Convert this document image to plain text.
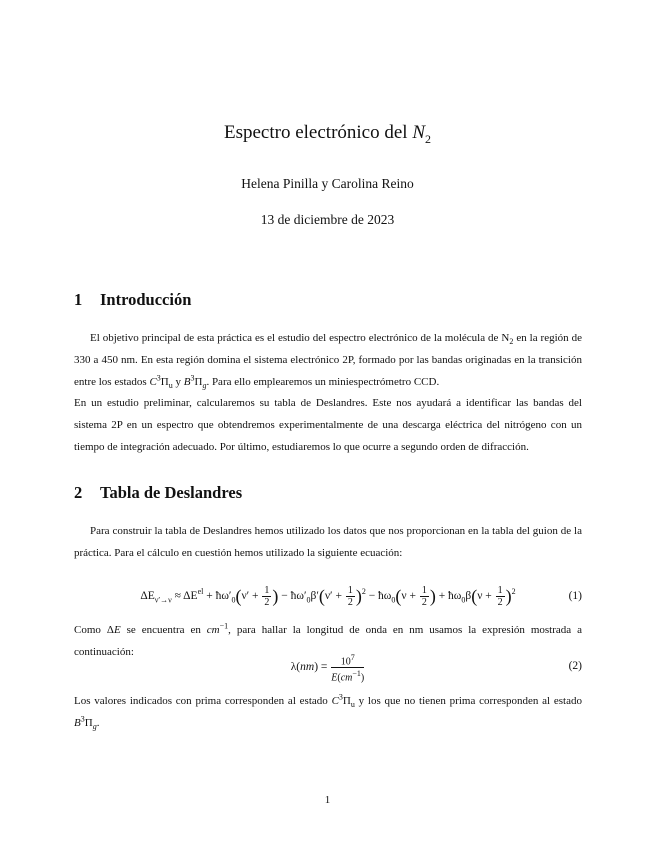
Espectro electrónico del $N_2$
Helena Pinilla y Carolina Reino
13 de diciembre de 2023
1 Introducción
El objetivo principal de esta práctica es el estudio del espectro electrónico de la molécula de $N_2$ en la región de 330 a 450 nm. En esta región domina el sistema electrónico 2P, formado por las bandas originadas en la transición entre los estados $C^3\Pi_u$ y $B^3\Pi_g$. Para ello emplearemos un miniespectrómetro CCD.
En un estudio preliminar, calcularemos su tabla de Deslandres. Este nos ayudará a identificar las bandas del sistema 2P en un espectro que obtendremos experimentalmente de una descarga eléctrica del nitrógeno con un tiempo de integración adecuado. Por último, estudiaremos lo que ocurre a segundo orden de difracción.
2 Tabla de Deslandres
Para construir la tabla de Deslandres hemos utilizado los datos que nos proporcionan en la tabla del guion de la práctica. Para el cálculo en cuestión hemos utilizado la siguiente ecuación:
$\Delta E_{\nu'\to\nu} \approx \Delta E^{el}$ + $ħ\omega'_0(\nu' + \frac{1}{2}$ ) − $ħ\omega'_0\beta'(\nu' + \frac{1}{2} )^2$ − $ħ\omega_0(\nu + \frac{1}{2}$ ) + $ħ\omega_0\beta(\nu + \frac{1}{2} )^2$	(1)
Como ΔE se encuentra en $cm^{-1}$, para hallar la longitud de onda en nm usamos la expresión mostrada a continuación:
$\lambda(nm) = \frac{10^7}{E(cm^{-1})}$	(2)
Los valores indicados con prima corresponden al estado $C^3\Pi_u$ y los que no tienen prima corresponden al estado $B^3\Pi_g$.
1
